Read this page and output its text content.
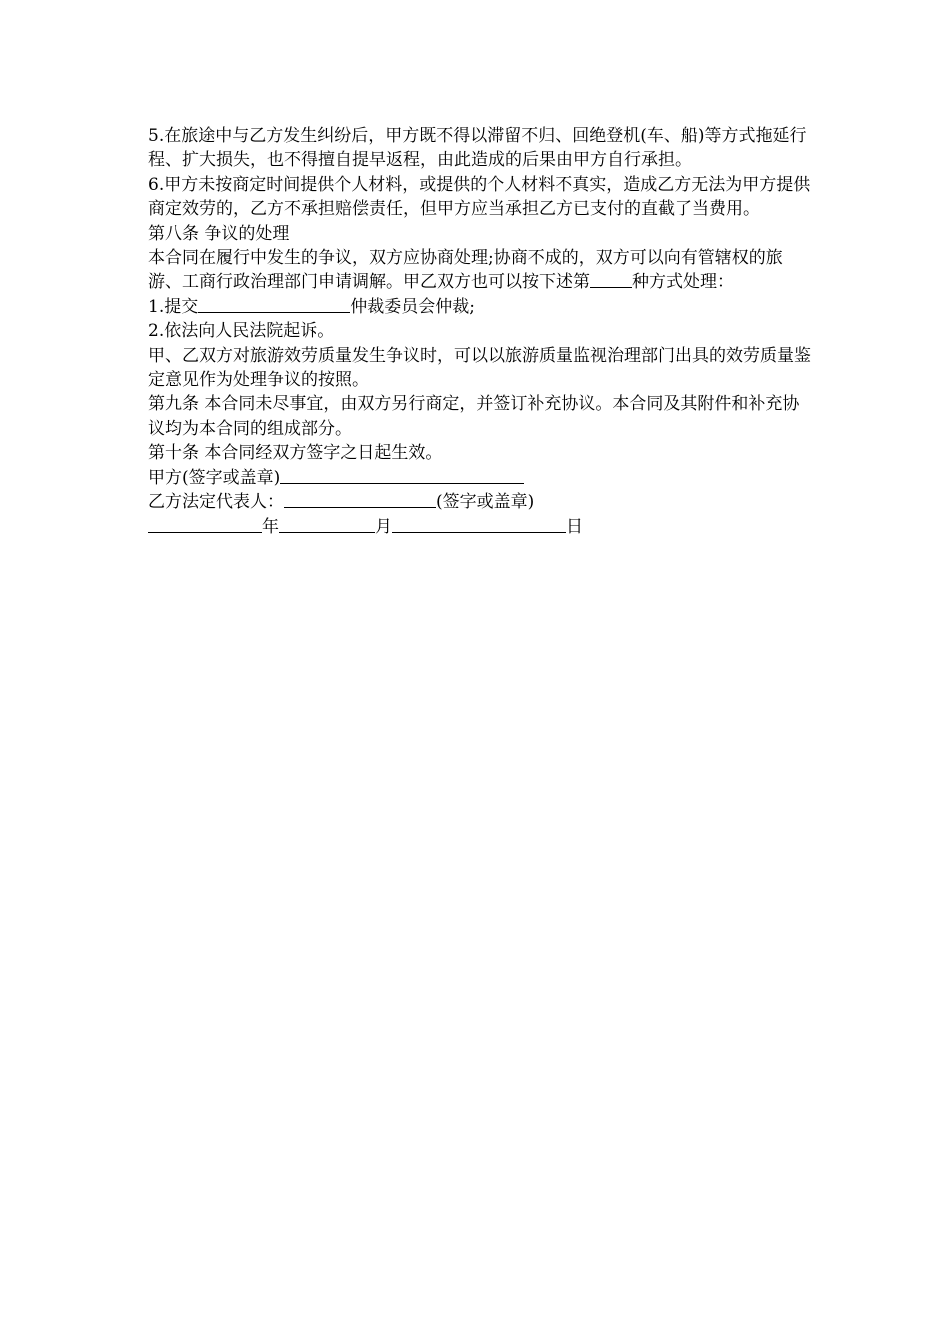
5.在旅途中与乙方发生纠纷后，甲方既不得以滞留不归、回绝登机(车、船)等方式拖延行程、扩大损失，也不得擅自提早返程，由此造成的后果由甲方自行承担。

6.甲方未按商定时间提供个人材料，或提供的个人材料不真实，造成乙方无法为甲方提供商定效劳的，乙方不承担赔偿责任，但甲方应当承担乙方已支付的直截了当费用。

第八条 争议的处理

本合同在履行中发生的争议，双方应协商处理;协商不成的，双方可以向有管辖权的旅游、工商行政治理部门申请调解。甲乙双方也可以按下述第 种方式处理：

1.提交	仲裁委员会仲裁;

2.依法向人民法院起诉。

甲、乙双方对旅游效劳质量发生争议时，可以以旅游质量监视治理部门出具的效劳质量鉴定意见作为处理争议的按照。

第九条 本合同未尽事宜，由双方另行商定，并签订补充协议。本合同及其附件和补充协议均为本合同的组成部分。

第十条 本合同经双方签字之日起生效。

甲方(签字或盖章)

乙方法定代表人：	(签字或盖章)

年	月	日
